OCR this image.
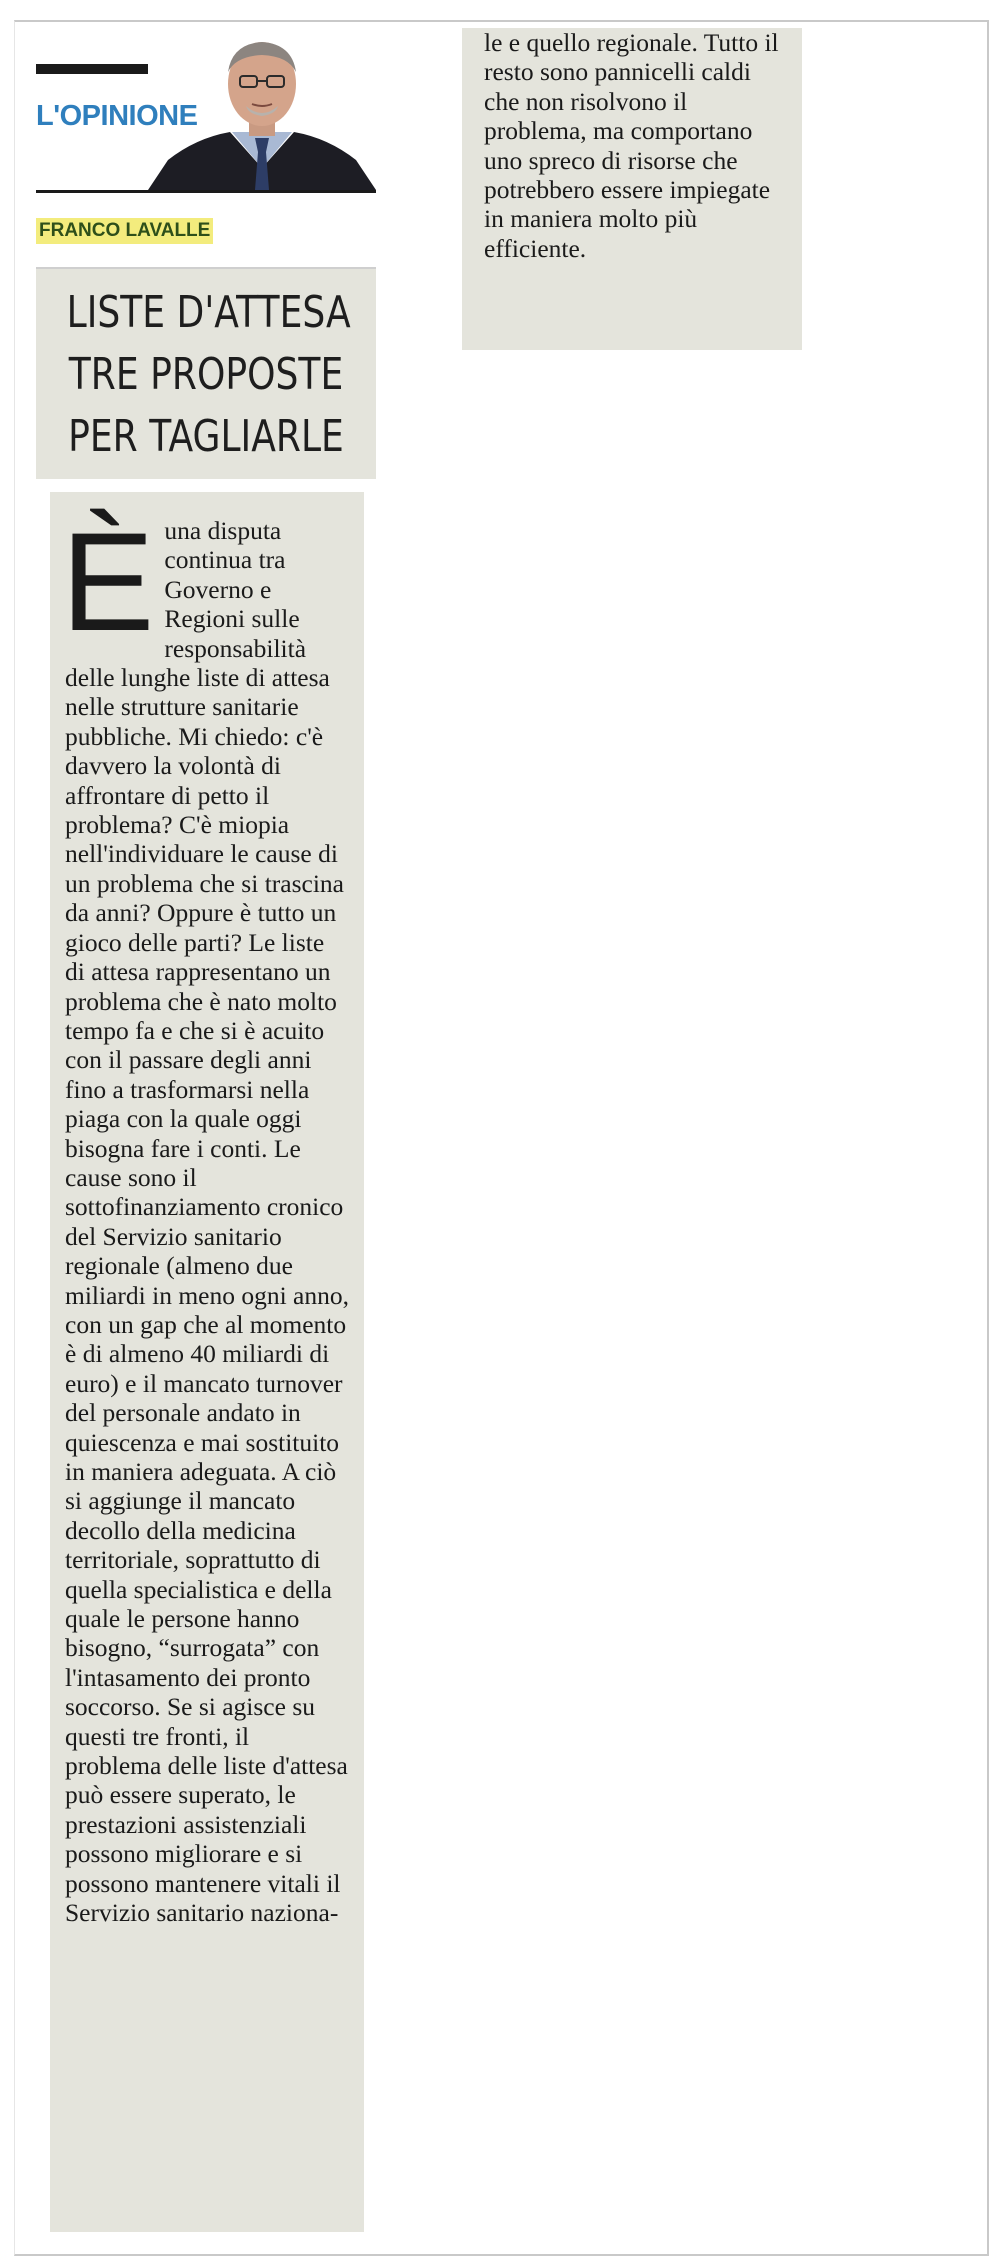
L'OPINIONE
FRANCO LAVALLE
LISTE D'ATTESA
TRE PROPOSTE
PER TAGLIARLE

È una disputa continua tra Governo e Regioni sulle responsabilità delle lunghe liste di attesa nelle strutture sanitarie pubbliche. Mi chiedo: c'è davvero la volontà di affrontare di petto il problema? C'è miopia nell'individuare le cause di un problema che si trascina da anni? Oppure è tutto un gioco delle parti? Le liste di attesa rappresentano un problema che è nato molto tempo fa e che si è acuito con il passare degli anni fino a trasformarsi nella piaga con la quale oggi bisogna fare i conti. Le cause sono il sottofinanziamento cronico del Servizio sanitario regionale (almeno due miliardi in meno ogni anno, con un gap che al momento è di almeno 40 miliardi di euro) e il mancato turnover del personale andato in quiescenza e mai sostituito in maniera adeguata. A ciò si aggiunge il mancato decollo della medicina territoriale, soprattutto di quella specialistica e della quale le persone hanno bisogno, “surrogata” con l'intasamento dei pronto soccorso. Se si agisce su questi tre fronti, il problema delle liste d'attesa può essere superato, le prestazioni assistenziali possono migliorare e si possono mantenere vitali il Servizio sanitario naziona-

le e quello regionale. Tutto il resto sono pannicelli caldi che non risolvono il problema, ma comportano uno spreco di risorse che potrebbero essere impiegate in maniera molto più efficiente.
